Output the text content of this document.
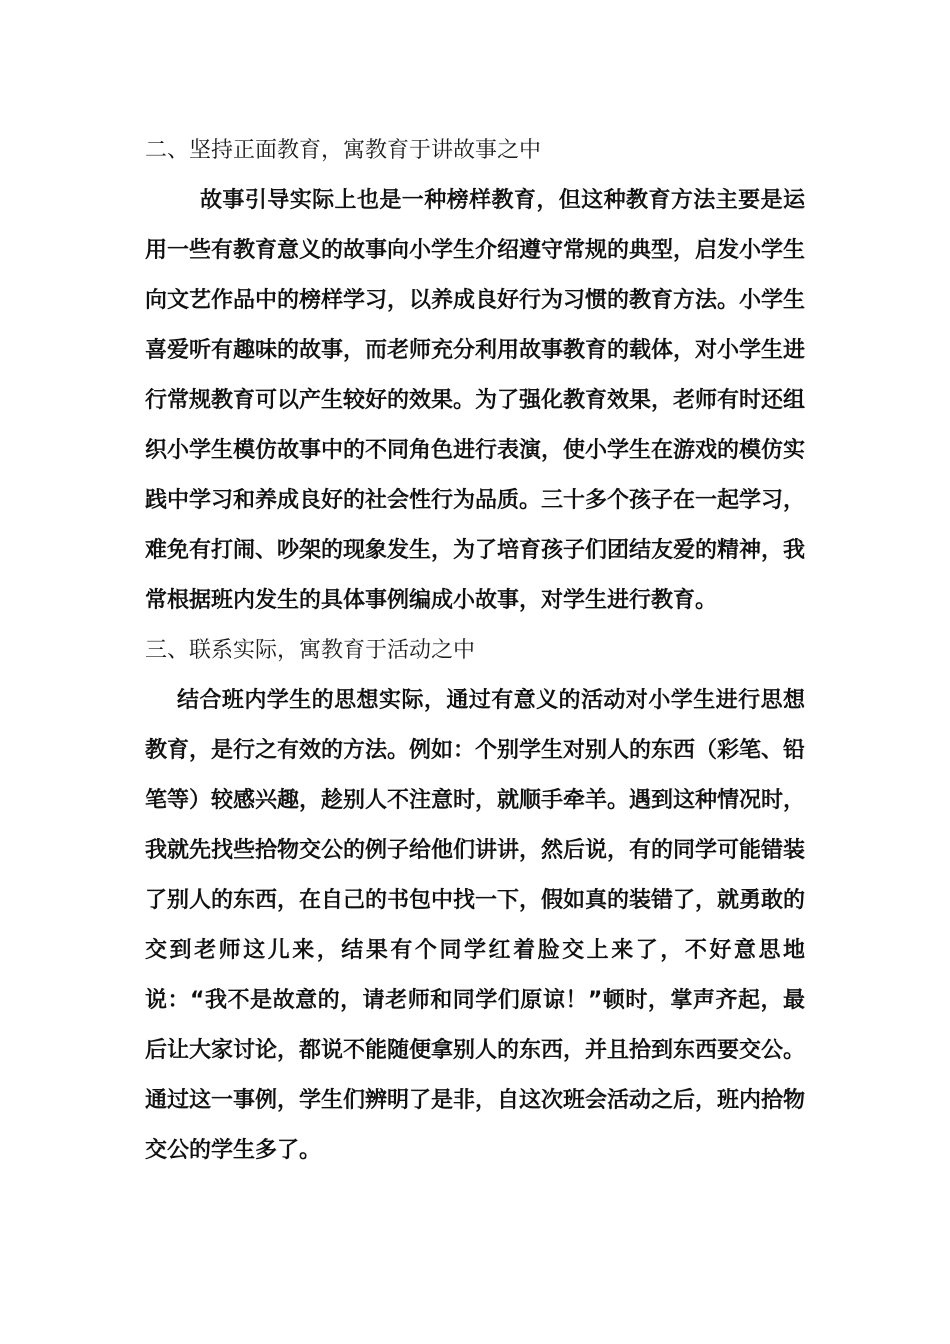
二、坚持正面教育，寓教育于讲故事之中

故事引导实际上也是一种榜样教育，但这种教育方法主要是运用一些有教育意义的故事向小学生介绍遵守常规的典型，启发小学生向文艺作品中的榜样学习，以养成良好行为习惯的教育方法。小学生喜爱听有趣味的故事，而老师充分利用故事教育的载体，对小学生进行常规教育可以产生较好的效果。为了强化教育效果，老师有时还组织小学生模仿故事中的不同角色进行表演，使小学生在游戏的模仿实践中学习和养成良好的社会性行为品质。三十多个孩子在一起学习，难免有打闹、吵架的现象发生，为了培育孩子们团结友爱的精神，我常根据班内发生的具体事例编成小故事，对学生进行教育。

三、联系实际，寓教育于活动之中

结合班内学生的思想实际，通过有意义的活动对小学生进行思想教育，是行之有效的方法。例如：个别学生对别人的东西（彩笔、铅笔等）较感兴趣，趁别人不注意时，就顺手牵羊。遇到这种情况时，我就先找些拾物交公的例子给他们讲讲，然后说，有的同学可能错装了别人的东西，在自己的书包中找一下，假如真的装错了，就勇敢的交到老师这儿来，结果有个同学红着脸交上来了，不好意思地说：“我不是故意的，请老师和同学们原谅！”顿时，掌声齐起，最后让大家讨论，都说不能随便拿别人的东西，并且拾到东西要交公。通过这一事例，学生们辨明了是非，自这次班会活动之后，班内拾物交公的学生多了。
